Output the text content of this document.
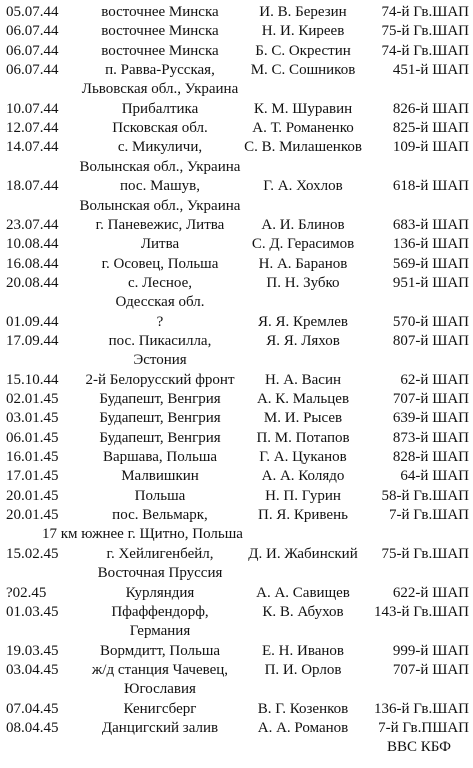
05.07.44	восточнее Минска	И. В. Березин	74-й Гв.ШАП
06.07.44	восточнее Минска	Н. И. Киреев	75-й Гв.ШАП
06.07.44	восточнее Минска	Б. С. Окрестин	74-й Гв.ШАП
06.07.44	п. Равва-Русская,	М. С. Сошников	451-й ШАП
Львовская обл., Украина
10.07.44	Прибалтика	К. М. Шуравин	826-й ШАП
12.07.44	Псковская обл.	А. Т. Романенко	825-й ШАП
14.07.44	с. Микуличи,	С. В. Милашенков	109-й ШАП
Волынская обл., Украина
18.07.44	пос. Машув,	Г. А. Хохлов	618-й ШАП
Волынская обл., Украина
23.07.44	г. Паневежис, Литва	А. И. Блинов	683-й ШАП
10.08.44	Литва	С. Д. Герасимов	136-й ШАП
16.08.44	г. Осовец, Польша	Н. А. Баранов	569-й ШАП
20.08.44	с. Лесное,	П. Н. Зубко	951-й ШАП
Одесская обл.
01.09.44	?	Я. Я. Кремлев	570-й ШАП
17.09.44	пос. Пикасилла,	Я. Я. Ляхов	807-й ШАП
Эстония
15.10.44	2-й Белорусский фронт	Н. А. Васин	62-й ШАП
02.01.45	Будапешт, Венгрия	А. К. Мальцев	707-й ШАП
03.01.45	Будапешт, Венгрия	М. И. Рысев	639-й ШАП
06.01.45	Будапешт, Венгрия	П. М. Потапов	873-й ШАП
16.01.45	Варшава, Польша	Г. А. Цуканов	828-й ШАП
17.01.45	Малвишкин	А. А. Колядо	64-й ШАП
20.01.45	Польша	Н. П. Гурин	58-й Гв.ШАП
20.01.45	пос. Вельмарк,	П. Я. Кривень	7-й Гв.ШАП
17 км южнее г. Щитно, Польша
15.02.45	г. Хейлигенбейл,	Д. И. Жабинский	75-й Гв.ШАП
Восточная Пруссия
?02.45	Курляндия	А. А. Савищев	622-й ШАП
01.03.45	Пфаффендорф,	К. В. Абухов	143-й Гв.ШАП
Германия
19.03.45	Вормдитт, Польша	Е. Н. Иванов	999-й ШАП
03.04.45	ж/д станция Чачевец,	П. И. Орлов	707-й ШАП
Югославия
07.04.45	Кенигсберг	В. Г. Козенков	136-й Гв.ШАП
08.04.45	Данцигский залив	А. А. Романов	7-й Гв.ПШАП
ВВС КБФ
